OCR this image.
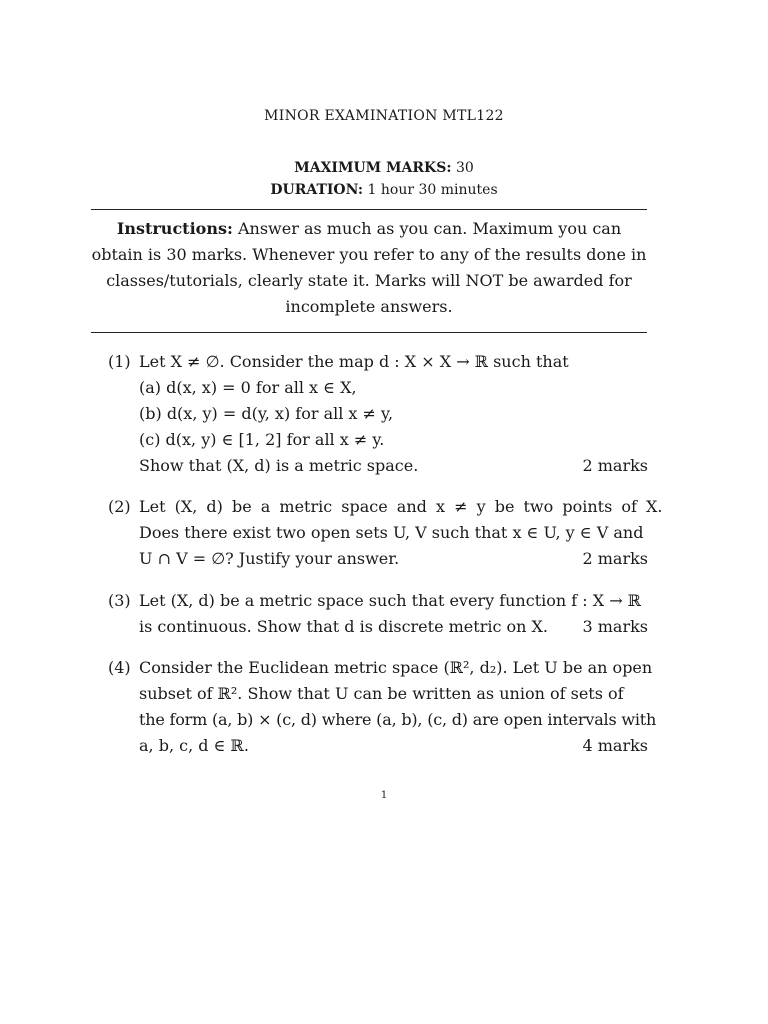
MINOR EXAMINATION MTL122
MAXIMUM MARKS: 30
DURATION: 1 hour 30 minutes
Instructions: Answer as much as you can. Maximum you can obtain is 30 marks. Whenever you refer to any of the results done in classes/tutorials, clearly state it. Marks will NOT be awarded for incomplete answers.
(1) Let X ≠ ∅. Consider the map d : X × X → ℝ such that
(a) d(x, x) = 0 for all x ∈ X,
(b) d(x, y) = d(y, x) for all x ≠ y,
(c) d(x, y) ∈ [1, 2] for all x ≠ y.
Show that (X, d) is a metric space.	2 marks
(2) Let (X, d) be a metric space and x ≠ y be two points of X.
Does there exist two open sets U, V such that x ∈ U, y ∈ V and
U ∩ V = ∅? Justify your answer.	2 marks
(3) Let (X, d) be a metric space such that every function f : X → ℝ
is continuous. Show that d is discrete metric on X. 3 marks
(4) Consider the Euclidean metric space (ℝ², d₂). Let U be an open
subset of ℝ². Show that U can be written as union of sets of
the form (a, b) × (c, d) where (a, b), (c, d) are open intervals with
a, b, c, d ∈ ℝ.	4 marks
1
